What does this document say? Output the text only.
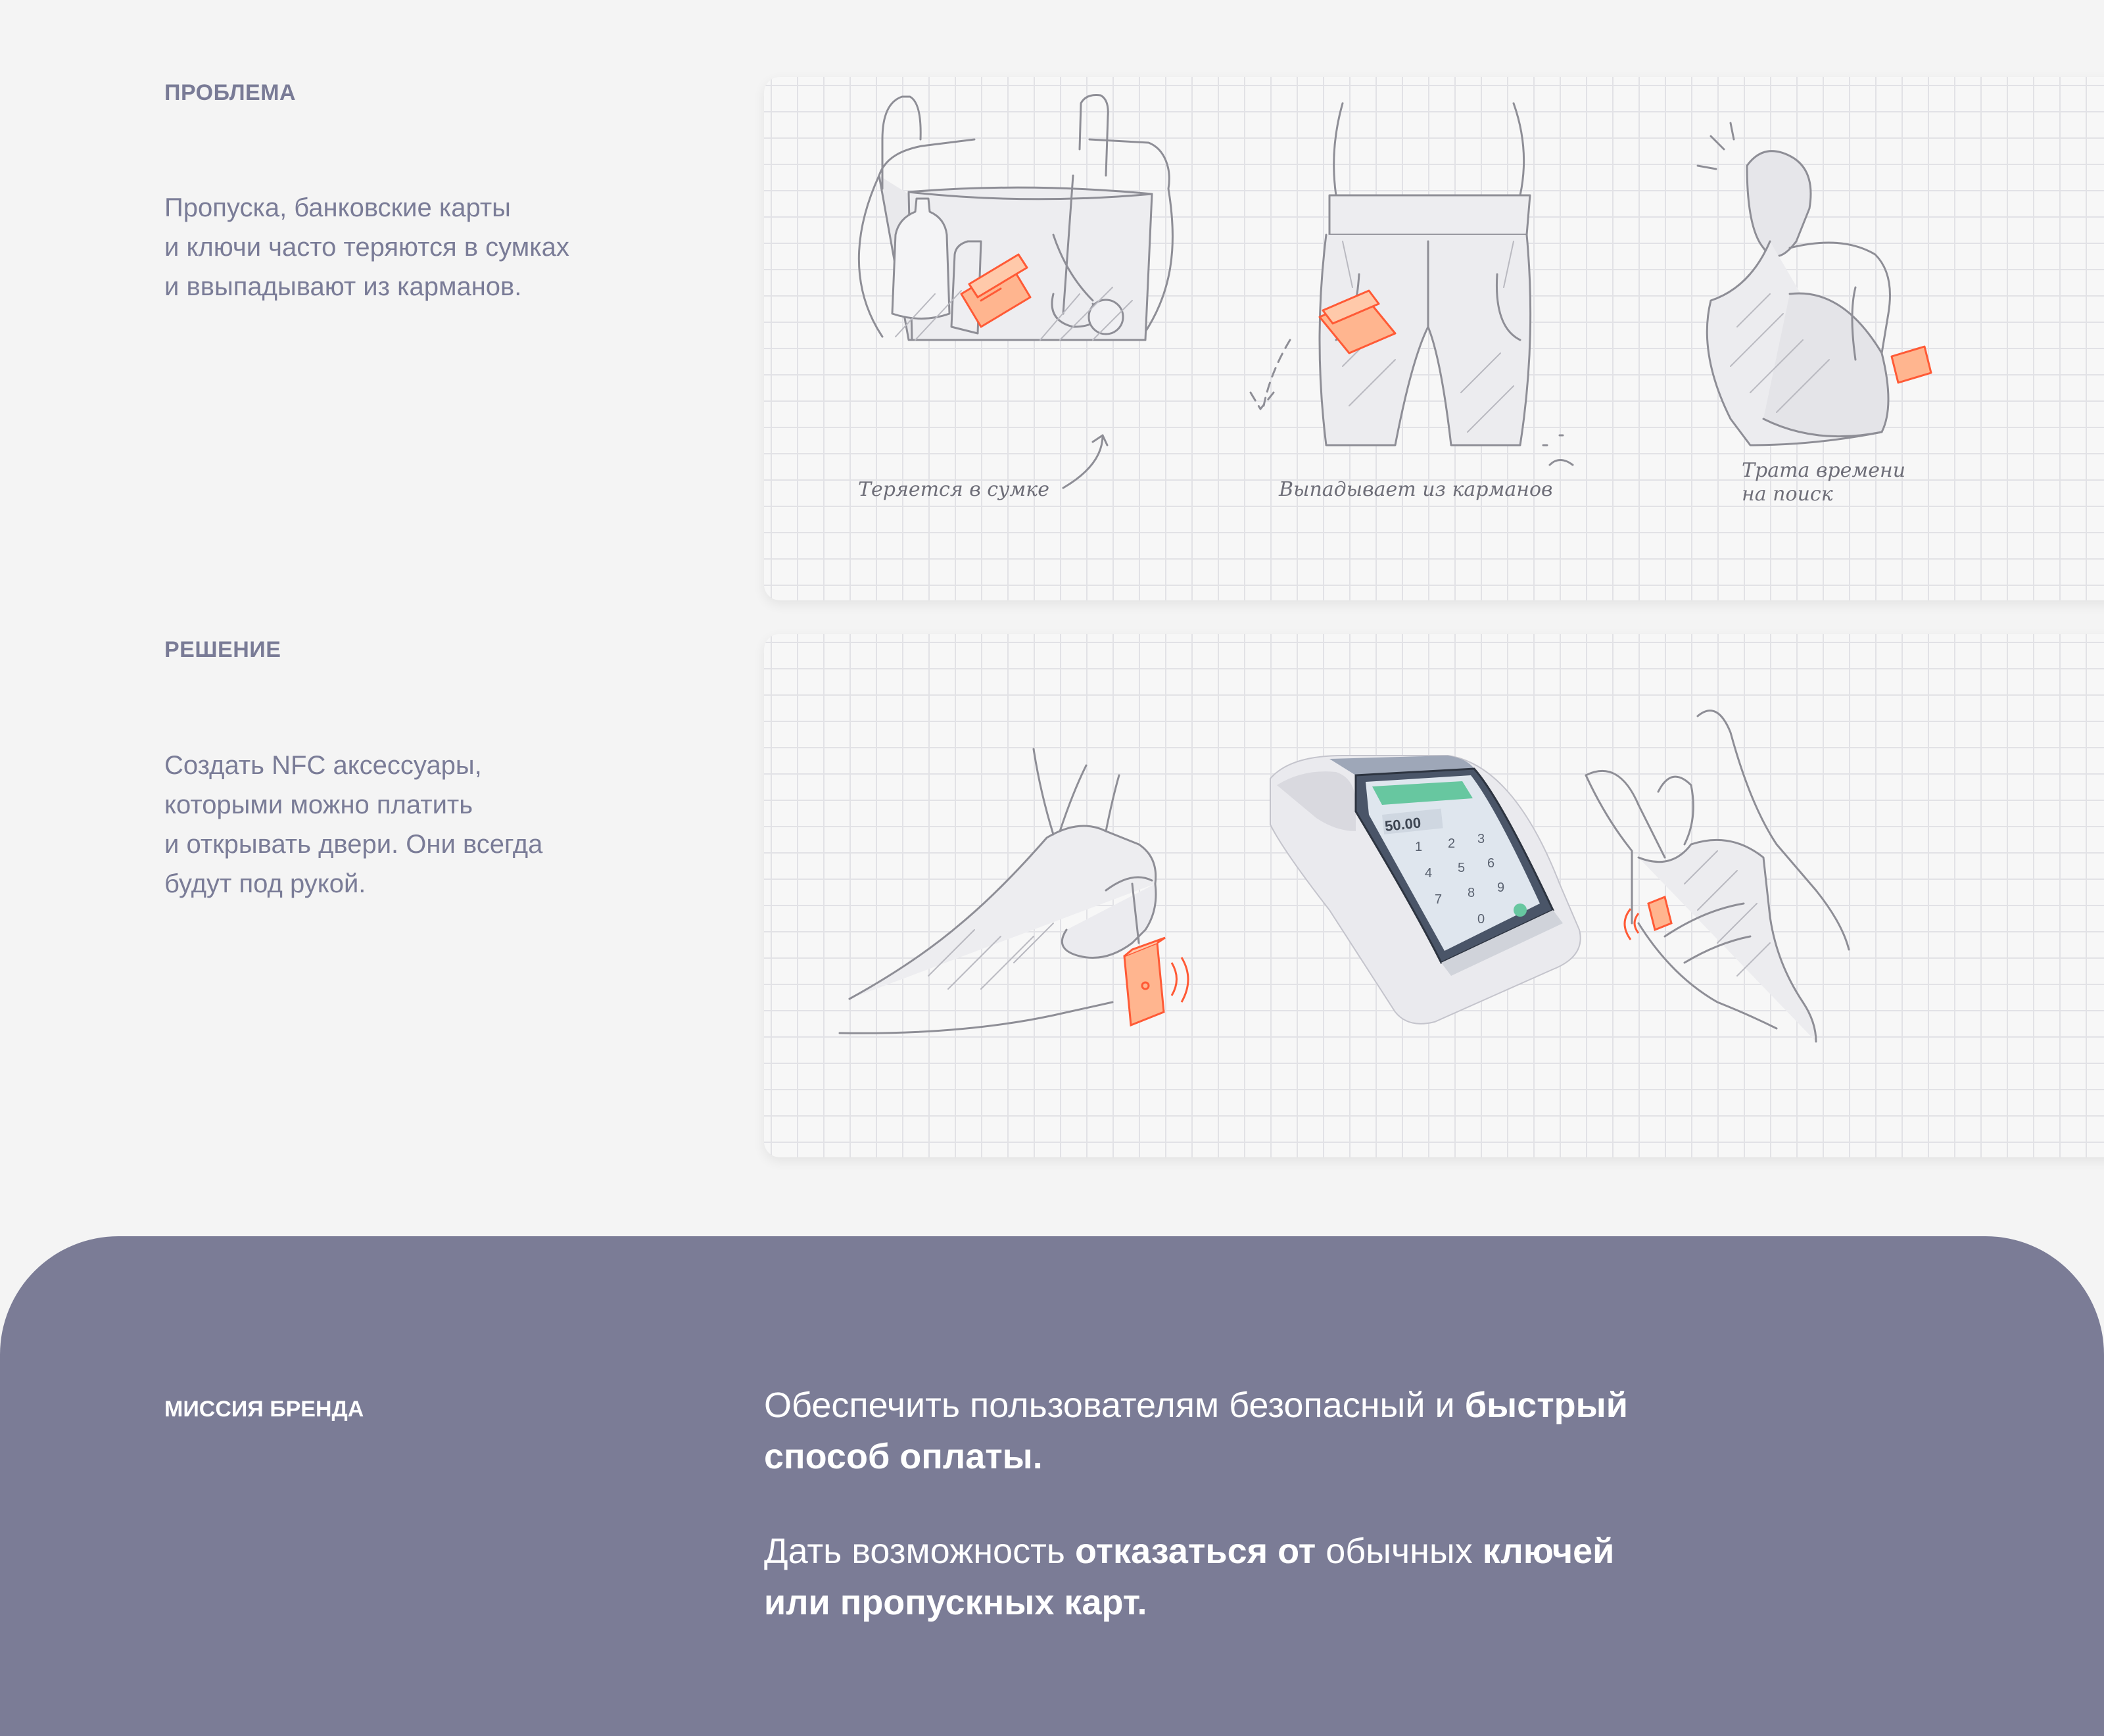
ПРОБЛЕМА
Пропуска, банковские карты
и ключи часто теряются в сумках
и ввыпадывают из карманов.
Теряется в сумке	Выпадывает из карманов
Трата времени
на поиск
РЕШЕНИЕ
Создать NFC аксессуары,
которыми можно платить
и открывать двери. Они всегда
будут под рукой.
50.00
1 2 3
4 5 6
7 8 9
0
МИССИЯ БРЕНДА	Обеспечить пользователям безопасный и быстрый способ оплаты.
Дать возможность отказаться от обычных ключей или пропускных карт.
